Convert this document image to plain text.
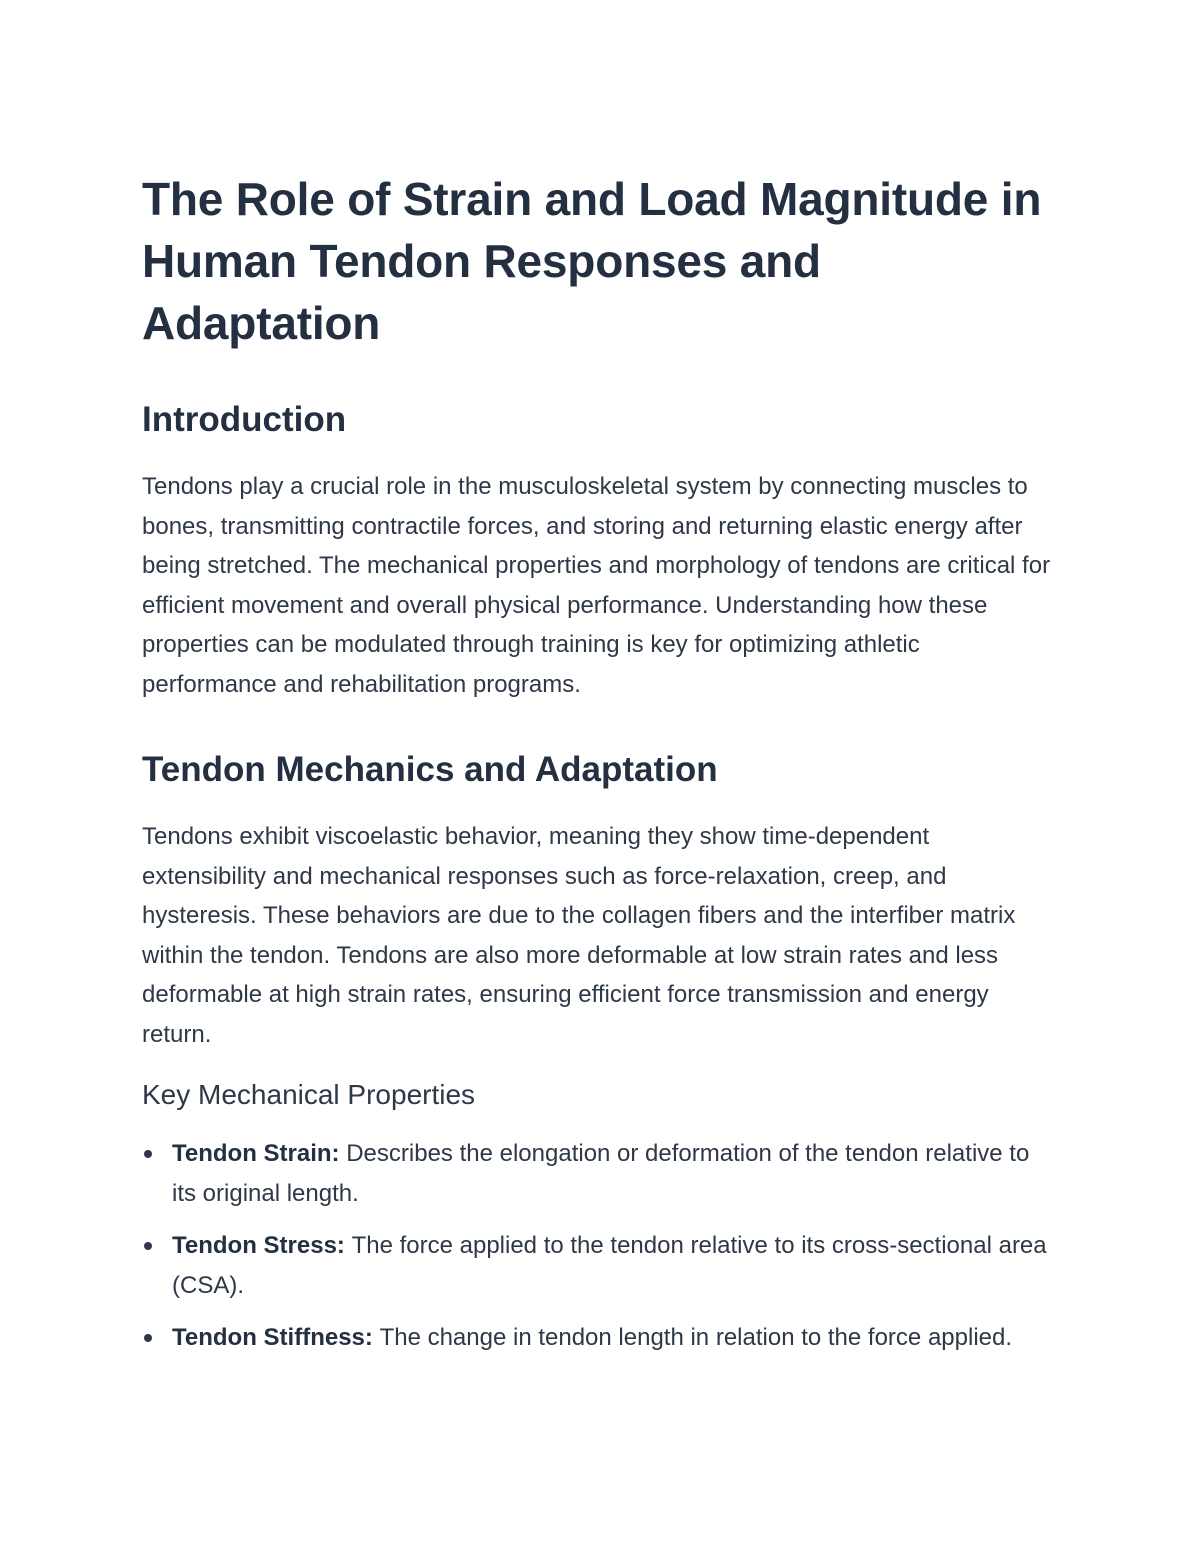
The Role of Strain and Load Magnitude in Human Tendon Responses and Adaptation
Introduction

Tendons play a crucial role in the musculoskeletal system by connecting muscles to bones, transmitting contractile forces, and storing and returning elastic energy after being stretched. The mechanical properties and morphology of tendons are critical for efficient movement and overall physical performance. Understanding how these properties can be modulated through training is key for optimizing athletic performance and rehabilitation programs.

Tendon Mechanics and Adaptation

Tendons exhibit viscoelastic behavior, meaning they show time-dependent extensibility and mechanical responses such as force-relaxation, creep, and hysteresis. These behaviors are due to the collagen fibers and the interfiber matrix within the tendon. Tendons are also more deformable at low strain rates and less deformable at high strain rates, ensuring efficient force transmission and energy return.

Key Mechanical Properties
Tendon Strain: Describes the elongation or deformation of the tendon relative to its original length.
Tendon Stress: The force applied to the tendon relative to its cross-sectional area (CSA).
Tendon Stiffness: The change in tendon length in relation to the force applied.
